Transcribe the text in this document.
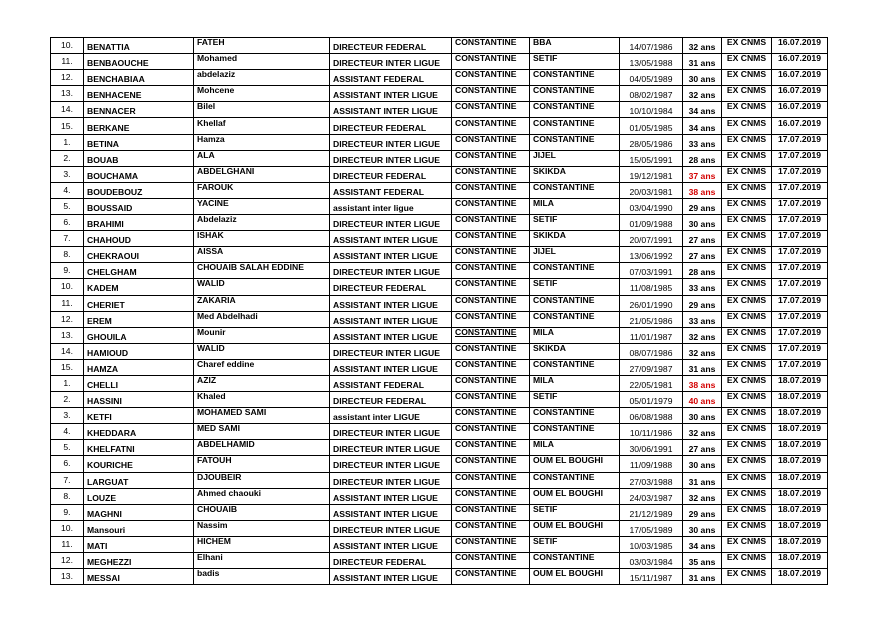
10.	BENATTIA	FATEH	DIRECTEUR FEDERAL	CONSTANTINE	BBA	14/07/1986	32 ans	EX CNMS	16.07.2019
11.	BENBAOUCHE	Mohamed	DIRECTEUR INTER LIGUE	CONSTANTINE	SETIF	13/05/1988	31 ans	EX CNMS	16.07.2019
12.	BENCHABIAA	abdelaziz	ASSISTANT FEDERAL	CONSTANTINE	CONSTANTINE	04/05/1989	30 ans	EX CNMS	16.07.2019
13.	BENHACENE	Mohcene	ASSISTANT INTER LIGUE	CONSTANTINE	CONSTANTINE	08/02/1987	32 ans	EX CNMS	16.07.2019
14.	BENNACER	Bilel	ASSISTANT INTER LIGUE	CONSTANTINE	CONSTANTINE	10/10/1984	34 ans	EX CNMS	16.07.2019
15.	BERKANE	Khellaf	DIRECTEUR FEDERAL	CONSTANTINE	CONSTANTINE	01/05/1985	34 ans	EX CNMS	16.07.2019
1.	BETINA	Hamza	DIRECTEUR INTER LIGUE	CONSTANTINE	CONSTANTINE	28/05/1986	33 ans	EX CNMS	17.07.2019
2.	BOUAB	ALA	DIRECTEUR INTER LIGUE	CONSTANTINE	JIJEL	15/05/1991	28 ans	EX CNMS	17.07.2019
3.	BOUCHAMA	ABDELGHANI	DIRECTEUR FEDERAL	CONSTANTINE	SKIKDA	19/12/1981	37 ans	EX CNMS	17.07.2019
4.	BOUDEBOUZ	FAROUK	ASSISTANT FEDERAL	CONSTANTINE	CONSTANTINE	20/03/1981	38 ans	EX CNMS	17.07.2019
5.	BOUSSAID	YACINE	assistant inter ligue	CONSTANTINE	MILA	03/04/1990	29 ans	EX CNMS	17.07.2019
6.	BRAHIMI	Abdelaziz	DIRECTEUR INTER LIGUE	CONSTANTINE	SETIF	01/09/1988	30 ans	EX CNMS	17.07.2019
7.	CHAHOUD	ISHAK	ASSISTANT INTER LIGUE	CONSTANTINE	SKIKDA	20/07/1991	27 ans	EX CNMS	17.07.2019
8.	CHEKRAOUI	AISSA	ASSISTANT INTER LIGUE	CONSTANTINE	JIJEL	13/06/1992	27 ans	EX CNMS	17.07.2019
9.	CHELGHAM	CHOUAIB SALAH EDDINE	DIRECTEUR INTER LIGUE	CONSTANTINE	CONSTANTINE	07/03/1991	28 ans	EX CNMS	17.07.2019
10.	KADEM	WALID	DIRECTEUR FEDERAL	CONSTANTINE	SETIF	11/08/1985	33 ans	EX CNMS	17.07.2019
11.	CHERIET	ZAKARIA	ASSISTANT INTER LIGUE	CONSTANTINE	CONSTANTINE	26/01/1990	29 ans	EX CNMS	17.07.2019
12.	EREM	Med Abdelhadi	ASSISTANT INTER LIGUE	CONSTANTINE	CONSTANTINE	21/05/1986	33 ans	EX CNMS	17.07.2019
13.	GHOUILA	Mounir	ASSISTANT INTER LIGUE	CONSTANTINE	MILA	11/01/1987	32 ans	EX CNMS	17.07.2019
14.	HAMIOUD	WALID	DIRECTEUR INTER LIGUE	CONSTANTINE	SKIKDA	08/07/1986	32 ans	EX CNMS	17.07.2019
15.	HAMZA	Charef eddine	ASSISTANT INTER LIGUE	CONSTANTINE	CONSTANTINE	27/09/1987	31 ans	EX CNMS	17.07.2019
1.	CHELLI	AZIZ	ASSISTANT FEDERAL	CONSTANTINE	MILA	22/05/1981	38 ans	EX CNMS	18.07.2019
2.	HASSINI	Khaled	DIRECTEUR FEDERAL	CONSTANTINE	SETIF	05/01/1979	40 ans	EX CNMS	18.07.2019
3.	KETFI	MOHAMED SAMI	assistant inter LIGUE	CONSTANTINE	CONSTANTINE	06/08/1988	30 ans	EX CNMS	18.07.2019
4.	KHEDDARA	MED SAMI	DIRECTEUR INTER LIGUE	CONSTANTINE	CONSTANTINE	10/11/1986	32 ans	EX CNMS	18.07.2019
5.	KHELFATNI	ABDELHAMID	DIRECTEUR INTER LIGUE	CONSTANTINE	MILA	30/06/1991	27 ans	EX CNMS	18.07.2019
6.	KOURICHE	FATOUH	DIRECTEUR INTER LIGUE	CONSTANTINE	OUM EL BOUGHI	11/09/1988	30 ans	EX CNMS	18.07.2019
7.	LARGUAT	DJOUBEIR	DIRECTEUR INTER LIGUE	CONSTANTINE	CONSTANTINE	27/03/1988	31 ans	EX CNMS	18.07.2019
8.	LOUZE	Ahmed chaouki	ASSISTANT INTER LIGUE	CONSTANTINE	OUM EL BOUGHI	24/03/1987	32 ans	EX CNMS	18.07.2019
9.	MAGHNI	CHOUAIB	ASSISTANT INTER LIGUE	CONSTANTINE	SETIF	21/12/1989	29 ans	EX CNMS	18.07.2019
10.	Mansouri	Nassim	DIRECTEUR INTER LIGUE	CONSTANTINE	OUM EL BOUGHI	17/05/1989	30 ans	EX CNMS	18.07.2019
11.	MATI	HICHEM	ASSISTANT INTER LIGUE	CONSTANTINE	SETIF	10/03/1985	34 ans	EX CNMS	18.07.2019
12.	MEGHEZZI	Elhani	DIRECTEUR FEDERAL	CONSTANTINE	CONSTANTINE	03/03/1984	35 ans	EX CNMS	18.07.2019
13.	MESSAI	badis	ASSISTANT INTER LIGUE	CONSTANTINE	OUM EL BOUGHI	15/11/1987	31 ans	EX CNMS	18.07.2019
